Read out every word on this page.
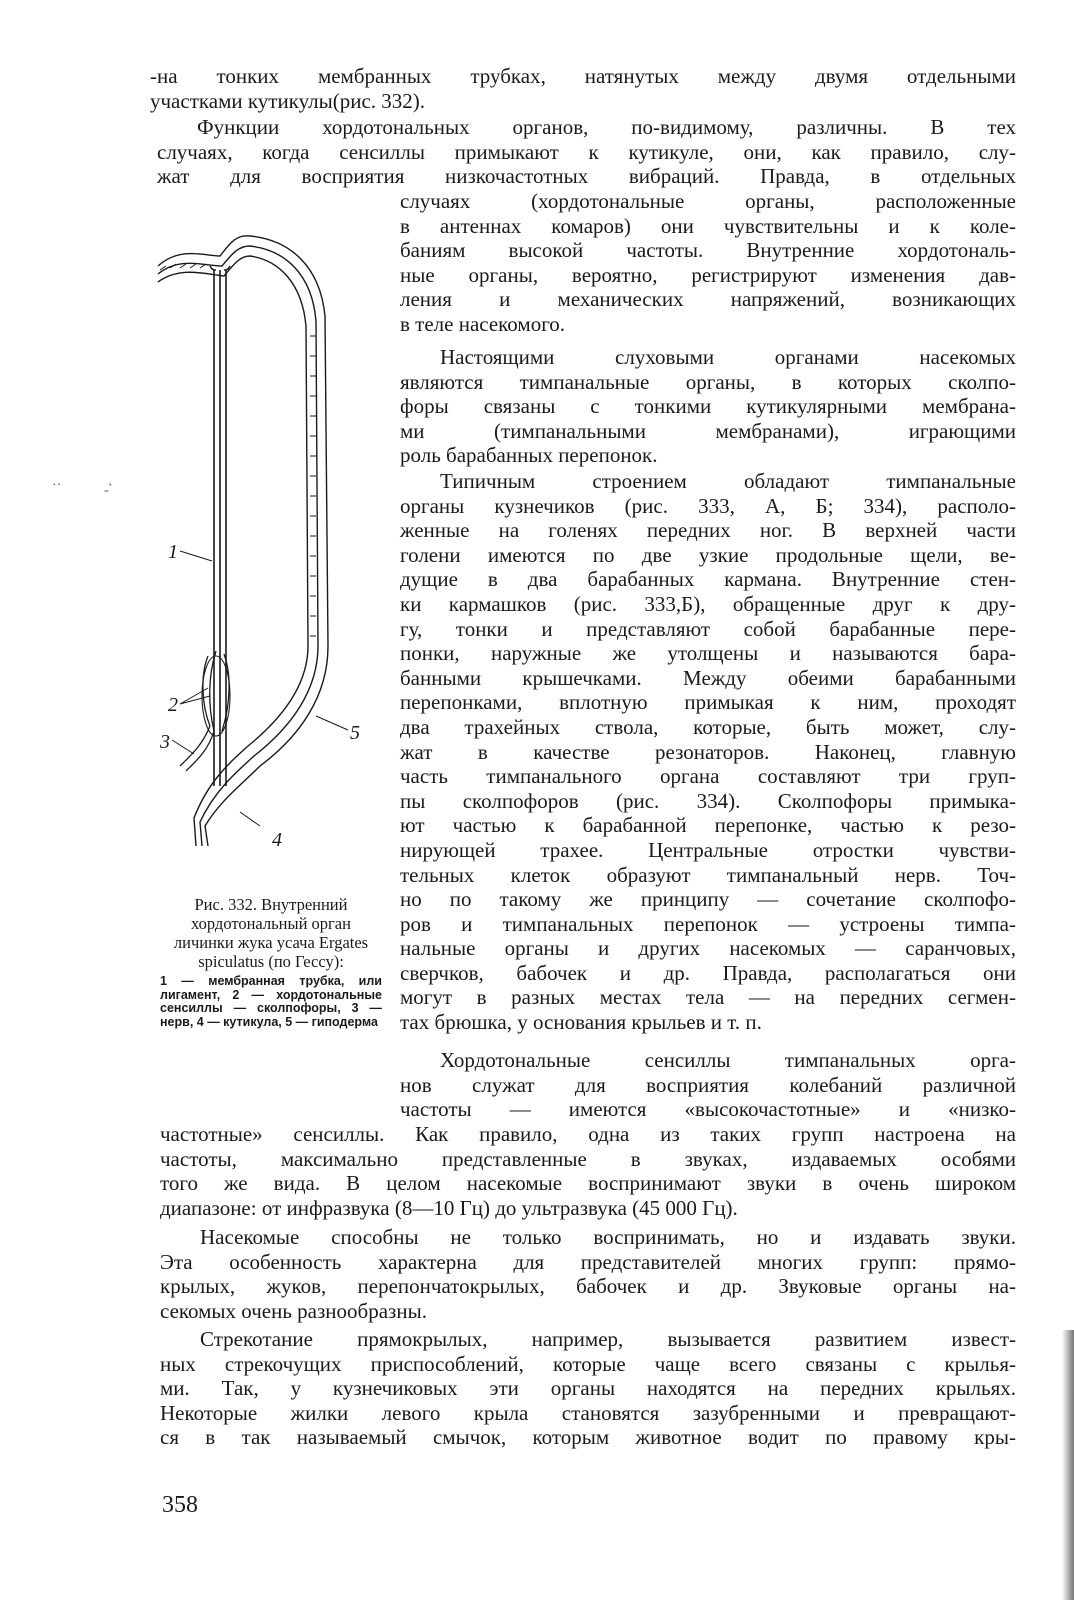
-на тонких мембранных трубках, натянутых между двумя отдельными
участками кутикулы(рис. 332).
Функции хордотональных органов, по-видимому, различны. В тех
случаях, когда сенсиллы примыкают к кутикуле, они, как правило, слу-
жат для восприятия низкочастотных вибраций. Правда, в отдельных
случаях (хордотональные органы, расположенные
в антеннах комаров) они чувствительны и к коле-
баниям высокой частоты. Внутренние хордотональ-
ные органы, вероятно, регистрируют изменения дав-
ления и механических напряжений, возникающих
в теле насекомого.
Настоящими слуховыми органами насекомых
являются тимпанальные органы, в которых сколпо-
форы связаны с тонкими кутикулярными мембрана-
ми (тимпанальными мембранами), играющими
роль барабанных перепонок.
Типичным строением обладают тимпанальные
органы кузнечиков (рис. 333, А, Б; 334), располо-
женные на голенях передних ног. В верхней части
голени имеются по две узкие продольные щели, ве-
дущие в два барабанных кармана. Внутренние стен-
ки кармашков (рис. 333,Б), обращенные друг к дру-
гу, тонки и представляют собой барабанные пере-
понки, наружные же утолщены и называются бара-
банными крышечками. Между обеими барабанными
перепонками, вплотную примыкая к ним, проходят
два трахейных ствола, которые, быть может, слу-
жат в качестве резонаторов. Наконец, главную
часть тимпанального органа составляют три груп-
пы сколпофоров (рис. 334). Сколпофоры примыка-
ют частью к барабанной перепонке, частью к резо-
нирующей трахее. Центральные отростки чувстви-
тельных клеток образуют тимпанальный нерв. Точ-
но по такому же принципу — сочетание сколпофо-
ров и тимпанальных перепонок — устроены тимпа-
нальные органы и других насекомых — саранчовых,
сверчков, бабочек и др. Правда, располагаться они
могут в разных местах тела — на передних сегмен-
тах брюшка, у основания крыльев и т. п.
Хордотональные сенсиллы тимпанальных орга-
нов служат для восприятия колебаний различной
частоты — имеются «высокочастотные» и «низко-
частотные» сенсиллы. Как правило, одна из таких групп настроена на
частоты, максимально представленные в звуках, издаваемых особями
того же вида. В целом насекомые воспринимают звуки в очень широком
диапазоне: от инфразвука (8—10 Гц) до ультразвука (45 000 Гц).
Насекомые способны не только воспринимать, но и издавать звуки.
Эта особенность характерна для представителей многих групп: прямо-
крылых, жуков, перепончатокрылых, бабочек и др. Звуковые органы на-
секомых очень разнообразны.
Стрекотание прямокрылых, например, вызывается развитием извест-
ных стрекочущих приспособлений, которые чаще всего связаны с крылья-
ми. Так, у кузнечиковых эти органы находятся на передних крыльях.
Некоторые жилки левого крыла становятся зазубренными и превращают-
ся в так называемый смычок, которым животное водит по правому кры-
1
2
3
4
5
Рис. 332. Внутренний хордотональный орган личинки жука усача Ergates spiculatus (по Гессу):
1 — мембранная трубка, или лигамент, 2 — хордотональные сенсиллы — сколпофоры, 3 — нерв, 4 — кутикула, 5 — гиподерма
358
··	-‵
